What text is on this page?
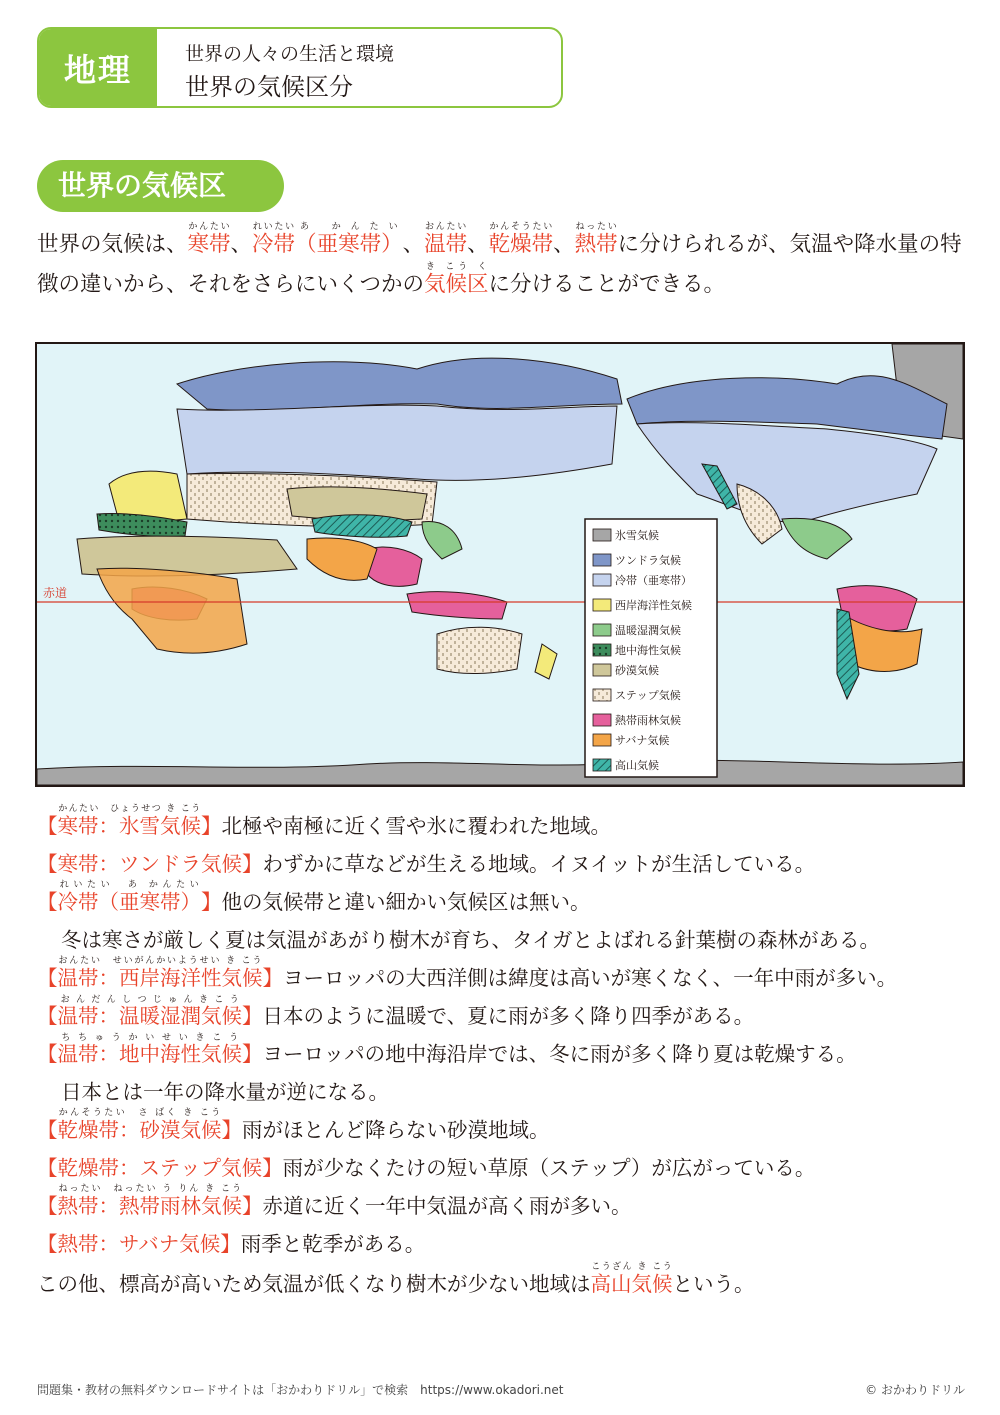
地理	世界の人々の生活と環境
世界の気候区分
世界の気候区
世界の気候は、寒帯かんたい、冷帯れいたい（亜寒帯）あ かんたい、温帯おんたい、乾燥帯かんそうたい、熱帯ねったいに分けられるが、気温や降水量の特徴の違いから、それをさらにいくつかの気候区き こう くに分けることができる。
赤道
氷雪気候
ツンドラ気候
冷帯（亜寒帯）
西岸海洋性気候
温暖湿潤気候
地中海性気候
砂漠気候
ステップ気候
熱帯雨林気候
サバナ気候
高山気候
【寒帯：氷雪気候かんたい　ひょうせつ き こう】北極や南極に近く雪や氷に覆われた地域。
【寒帯：ツンドラ気候】わずかに草などが生える地域。イヌイットが生活している。
【冷帯（亜寒帯）れいたい　あ かんたい】他の気候帯と違い細かい気候区は無い。
冬は寒さが厳しく夏は気温があがり樹木が育ち、タイガとよばれる針葉樹の森林がある。
【温帯：西岸海洋性気候おんたい　せいがんかいようせい き こう】ヨーロッパの大西洋側は緯度は高いが寒くなく、一年中雨が多い。
【温帯：温暖湿潤気候おんだんしつじゅんきこう】日本のように温暖で、夏に雨が多く降り四季がある。
【温帯：地中海性気候ちちゅうかいせいきこう】ヨーロッパの地中海沿岸では、冬に雨が多く降り夏は乾燥する。
日本とは一年の降水量が逆になる。
【乾燥帯：砂漠気候かんそうたい　さ ばく き こう】雨がほとんど降らない砂漠地域。
【乾燥帯：ステップ気候】雨が少なくたけの短い草原（ステップ）が広がっている。
【熱帯：熱帯雨林気候ねったい　ねったい う りん き こう】赤道に近く一年中気温が高く雨が多い。
【熱帯：サバナ気候】雨季と乾季がある。
この他、標高が高いため気温が低くなり樹木が少ない地域は高山気候こうざん き こうという。
問題集・教材の無料ダウンロードサイトは「おかわりドリル」で検索　https://www.okadori.net	© おかわりドリル
